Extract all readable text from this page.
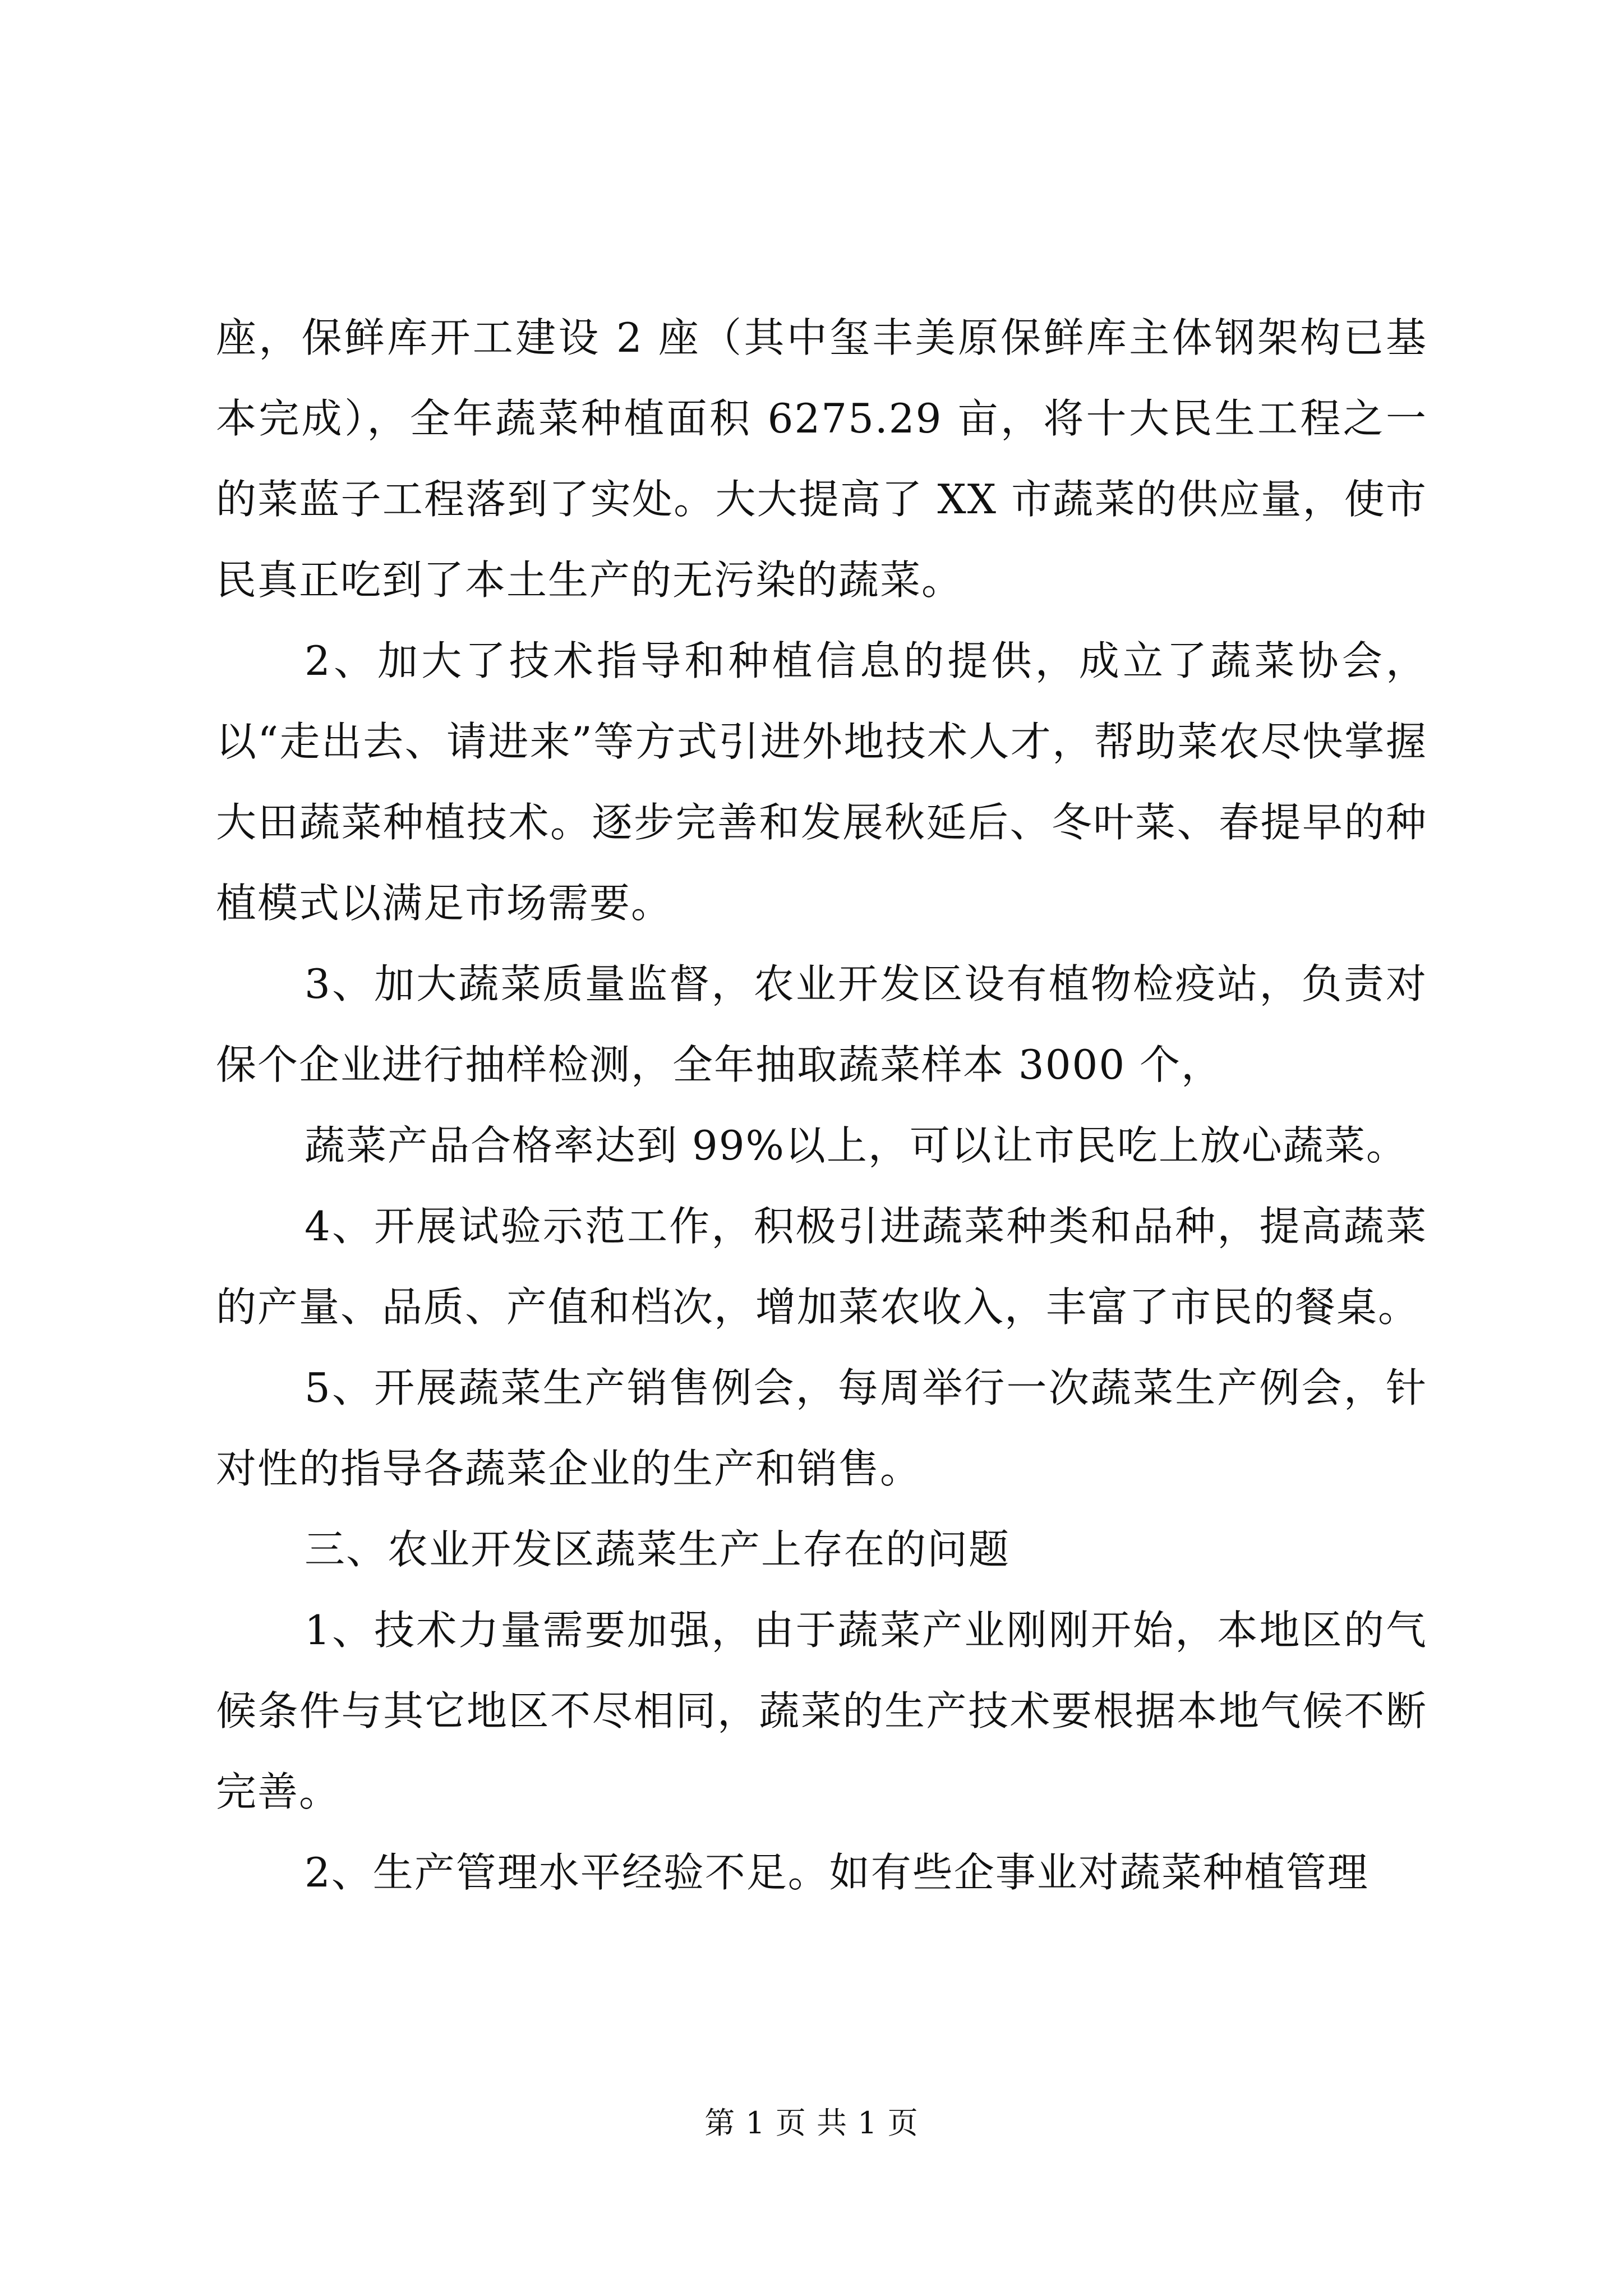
座，保鲜库开工建设 2 座（其中玺丰美原保鲜库主体钢架构已基本完成），全年蔬菜种植面积 6275.29 亩，将十大民生工程之一的菜蓝子工程落到了实处。大大提高了 XX 市蔬菜的供应量，使市民真正吃到了本土生产的无污染的蔬菜。

2、加大了技术指导和种植信息的提供，成立了蔬菜协会，以“走出去、请进来”等方式引进外地技术人才，帮助菜农尽快掌握大田蔬菜种植技术。逐步完善和发展秋延后、冬叶菜、春提早的种植模式以满足市场需要。

3、加大蔬菜质量监督，农业开发区设有植物检疫站，负责对保个企业进行抽样检测，全年抽取蔬菜样本 3000 个，

蔬菜产品合格率达到 99%以上，可以让市民吃上放心蔬菜。

4、开展试验示范工作，积极引进蔬菜种类和品种，提高蔬菜的产量、品质、产值和档次，增加菜农收入，丰富了市民的餐桌。

5、开展蔬菜生产销售例会，每周举行一次蔬菜生产例会，针对性的指导各蔬菜企业的生产和销售。

三、农业开发区蔬菜生产上存在的问题

1、技术力量需要加强，由于蔬菜产业刚刚开始，本地区的气候条件与其它地区不尽相同，蔬菜的生产技术要根据本地气候不断完善。

2、生产管理水平经验不足。如有些企事业对蔬菜种植管理

第 1 页 共 1 页
